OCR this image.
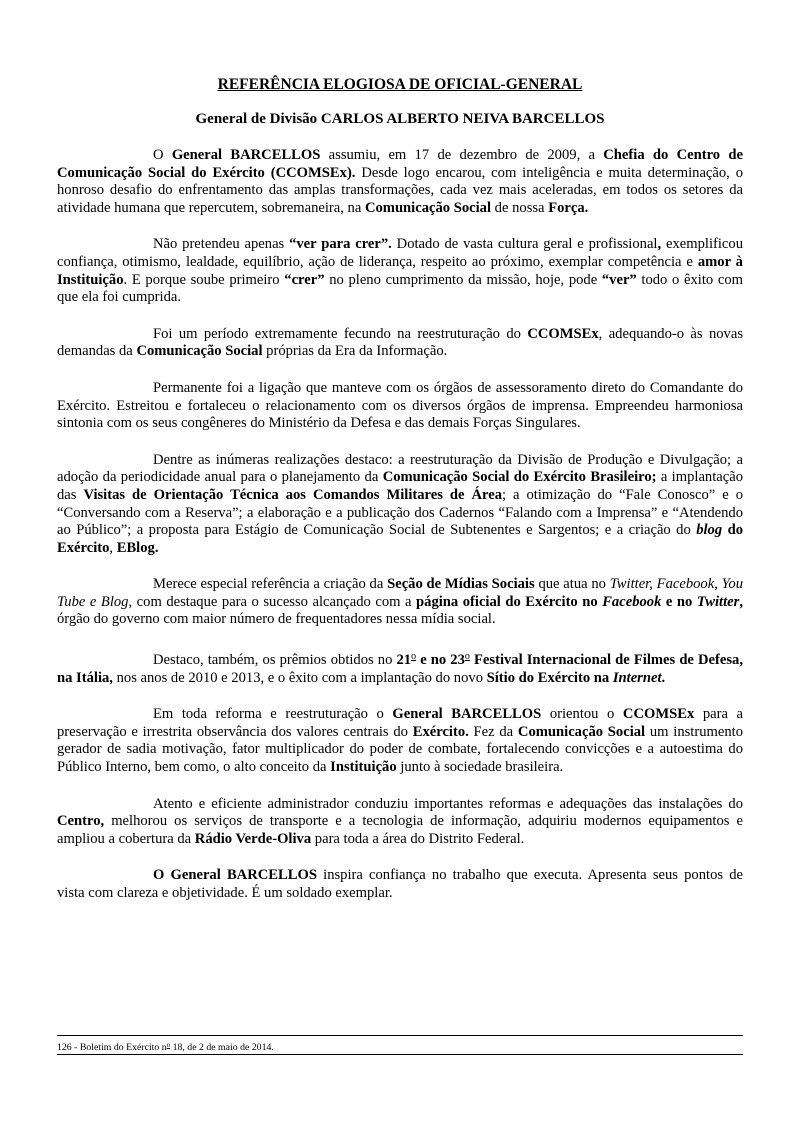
REFERÊNCIA ELOGIOSA DE OFICIAL-GENERAL
General de Divisão CARLOS ALBERTO NEIVA BARCELLOS

O General BARCELLOS assumiu, em 17 de dezembro de 2009, a Chefia do Centro de Comunicação Social do Exército (CCOMSEx). Desde logo encarou, com inteligência e muita determinação, o honroso desafio do enfrentamento das amplas transformações, cada vez mais aceleradas, em todos os setores da atividade humana que repercutem, sobremaneira, na Comunicação Social de nossa Força.

Não pretendeu apenas “ver para crer”. Dotado de vasta cultura geral e profissional, exemplificou confiança, otimismo, lealdade, equilíbrio, ação de liderança, respeito ao próximo, exemplar competência e amor à Instituição. E porque soube primeiro “crer” no pleno cumprimento da missão, hoje, pode “ver” todo o êxito com que ela foi cumprida.

Foi um período extremamente fecundo na reestruturação do CCOMSEx, adequando-o às novas demandas da Comunicação Social próprias da Era da Informação.

Permanente foi a ligação que manteve com os órgãos de assessoramento direto do Comandante do Exército. Estreitou e fortaleceu o relacionamento com os diversos órgãos de imprensa. Empreendeu harmoniosa sintonia com os seus congêneres do Ministério da Defesa e das demais Forças Singulares.

Dentre as inúmeras realizações destaco: a reestruturação da Divisão de Produção e Divulgação; a adoção da periodicidade anual para o planejamento da Comunicação Social do Exército Brasileiro; a implantação das Visitas de Orientação Técnica aos Comandos Militares de Área; a otimização do “Fale Conosco” e o “Conversando com a Reserva”; a elaboração e a publicação dos Cadernos “Falando com a Imprensa” e “Atendendo ao Público”; a proposta para Estágio de Comunicação Social de Subtenentes e Sargentos; e a criação do blog do Exército, EBlog.

Merece especial referência a criação da Seção de Mídias Sociais que atua no Twitter, Facebook, You Tube e Blog, com destaque para o sucesso alcançado com a página oficial do Exército no Facebook e no Twitter, órgão do governo com maior número de frequentadores nessa mídia social.

Destaco, também, os prêmios obtidos no 21$^o$ e no 23$^o$ Festival Internacional de Filmes de Defesa, na Itália, nos anos de 2010 e 2013, e o êxito com a implantação do novo Sítio do Exército na Internet.

Em toda reforma e reestruturação o General BARCELLOS orientou o CCOMSEx para a preservação e irrestrita observância dos valores centrais do Exército. Fez da Comunicação Social um instrumento gerador de sadia motivação, fator multiplicador do poder de combate, fortalecendo convicções e a autoestima do Público Interno, bem como, o alto conceito da Instituição junto à sociedade brasileira.

Atento e eficiente administrador conduziu importantes reformas e adequações das instalações do Centro, melhorou os serviços de transporte e a tecnologia de informação, adquiriu modernos equipamentos e ampliou a cobertura da Rádio Verde-Oliva para toda a área do Distrito Federal.

O General BARCELLOS inspira confiança no trabalho que executa. Apresenta seus pontos de vista com clareza e objetividade. É um soldado exemplar.

126 - Boletim do Exército $n^o$ 18, de 2 de maio de 2014.
